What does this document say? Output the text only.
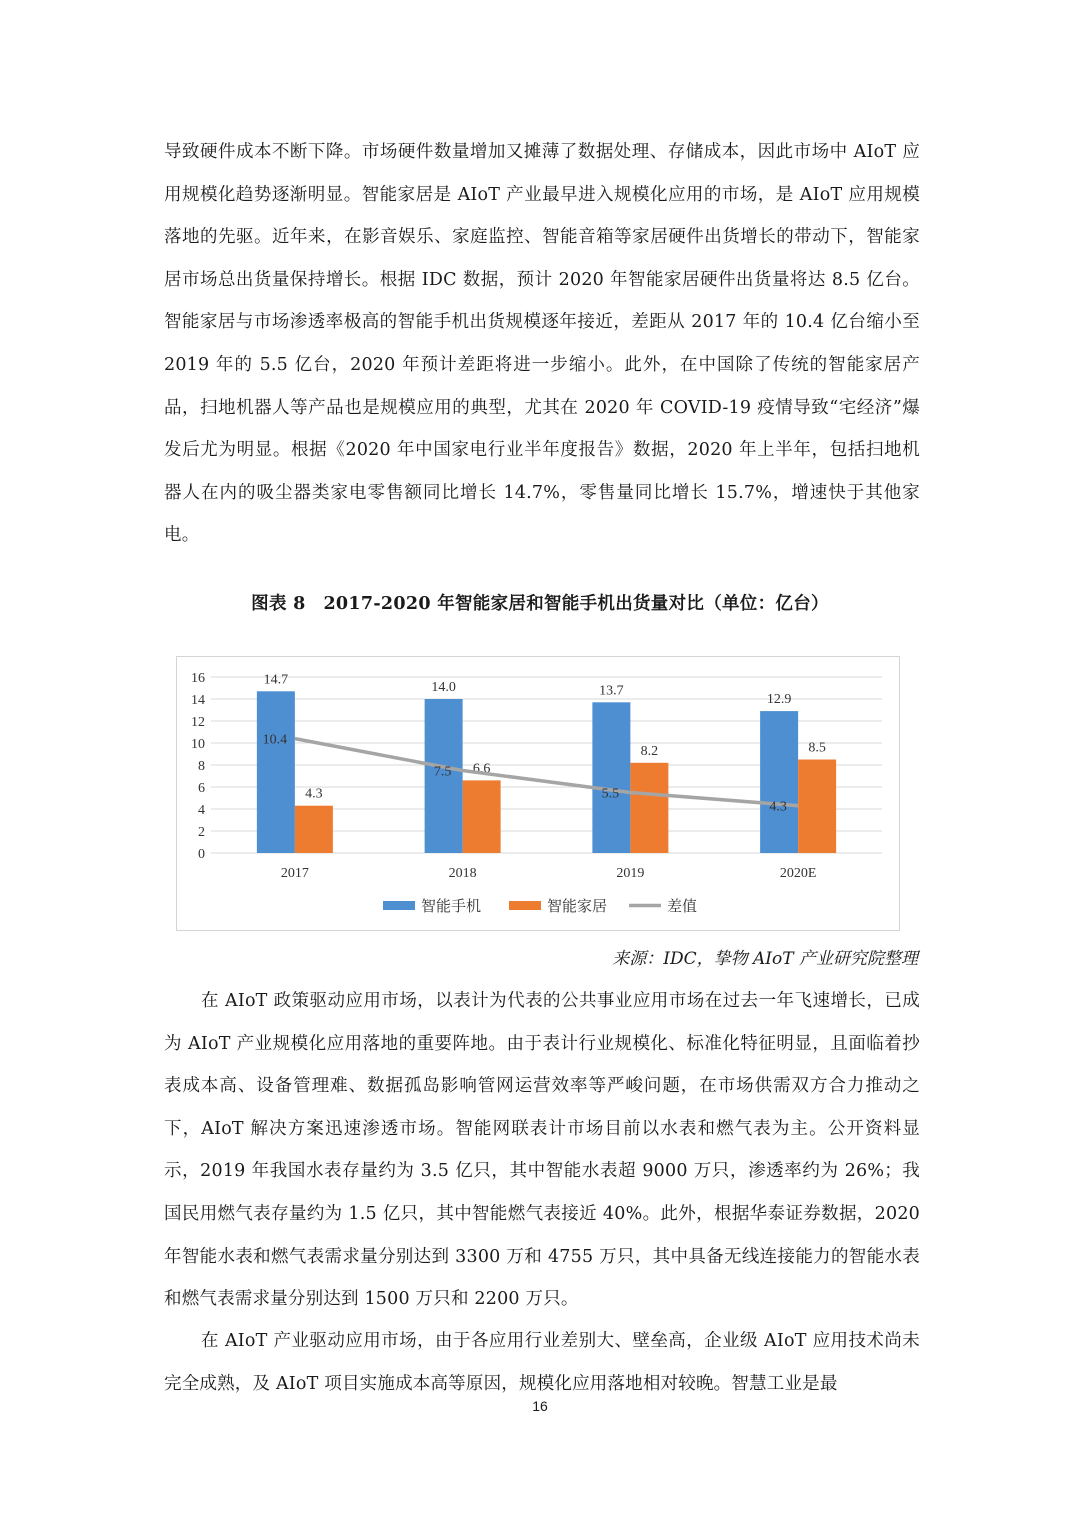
导致硬件成本不断下降。市场硬件数量增加又摊薄了数据处理、存储成本，因此市场中 AIoT 应用规模化趋势逐渐明显。智能家居是 AIoT 产业最早进入规模化应用的市场，是 AIoT 应用规模落地的先驱。近年来，在影音娱乐、家庭监控、智能音箱等家居硬件出货增长的带动下，智能家居市场总出货量保持增长。根据 IDC 数据，预计 2020 年智能家居硬件出货量将达 8.5 亿台。智能家居与市场渗透率极高的智能手机出货规模逐年接近，差距从 2017 年的 10.4 亿台缩小至 2019 年的 5.5 亿台，2020 年预计差距将进一步缩小。此外，在中国除了传统的智能家居产品，扫地机器人等产品也是规模应用的典型，尤其在 2020 年 COVID-19 疫情导致“宅经济”爆发后尤为明显。根据《2020 年中国家电行业半年度报告》数据，2020 年上半年，包括扫地机器人在内的吸尘器类家电零售额同比增长 14.7%，零售量同比增长 15.7%，增速快于其他家电。

图表 8　2017-2020 年智能家居和智能手机出货量对比（单位：亿台）
0
2
4
6
8
10
12
14
16	14.7
4.3
2017
14.0
6.6
2018
13.7
8.2
2019
12.9
8.5
2020E
10.4
7.5
5.5
4.3
智能手机	智能家居	差值
来源：IDC，挚物 AIoT 产业研究院整理

在 AIoT 政策驱动应用市场，以表计为代表的公共事业应用市场在过去一年飞速增长，已成为 AIoT 产业规模化应用落地的重要阵地。由于表计行业规模化、标准化特征明显，且面临着抄表成本高、设备管理难、数据孤岛影响管网运营效率等严峻问题，在市场供需双方合力推动之下，AIoT 解决方案迅速渗透市场。智能网联表计市场目前以水表和燃气表为主。公开资料显示，2019 年我国水表存量约为 3.5 亿只，其中智能水表超 9000 万只，渗透率约为 26%；我国民用燃气表存量约为 1.5 亿只，其中智能燃气表接近 40%。此外，根据华泰证券数据，2020 年智能水表和燃气表需求量分别达到 3300 万和 4755 万只，其中具备无线连接能力的智能水表和燃气表需求量分别达到 1500 万只和 2200 万只。

在 AIoT 产业驱动应用市场，由于各应用行业差别大、壁垒高，企业级 AIoT 应用技术尚未完全成熟，及 AIoT 项目实施成本高等原因，规模化应用落地相对较晚。智慧工业是最

16
